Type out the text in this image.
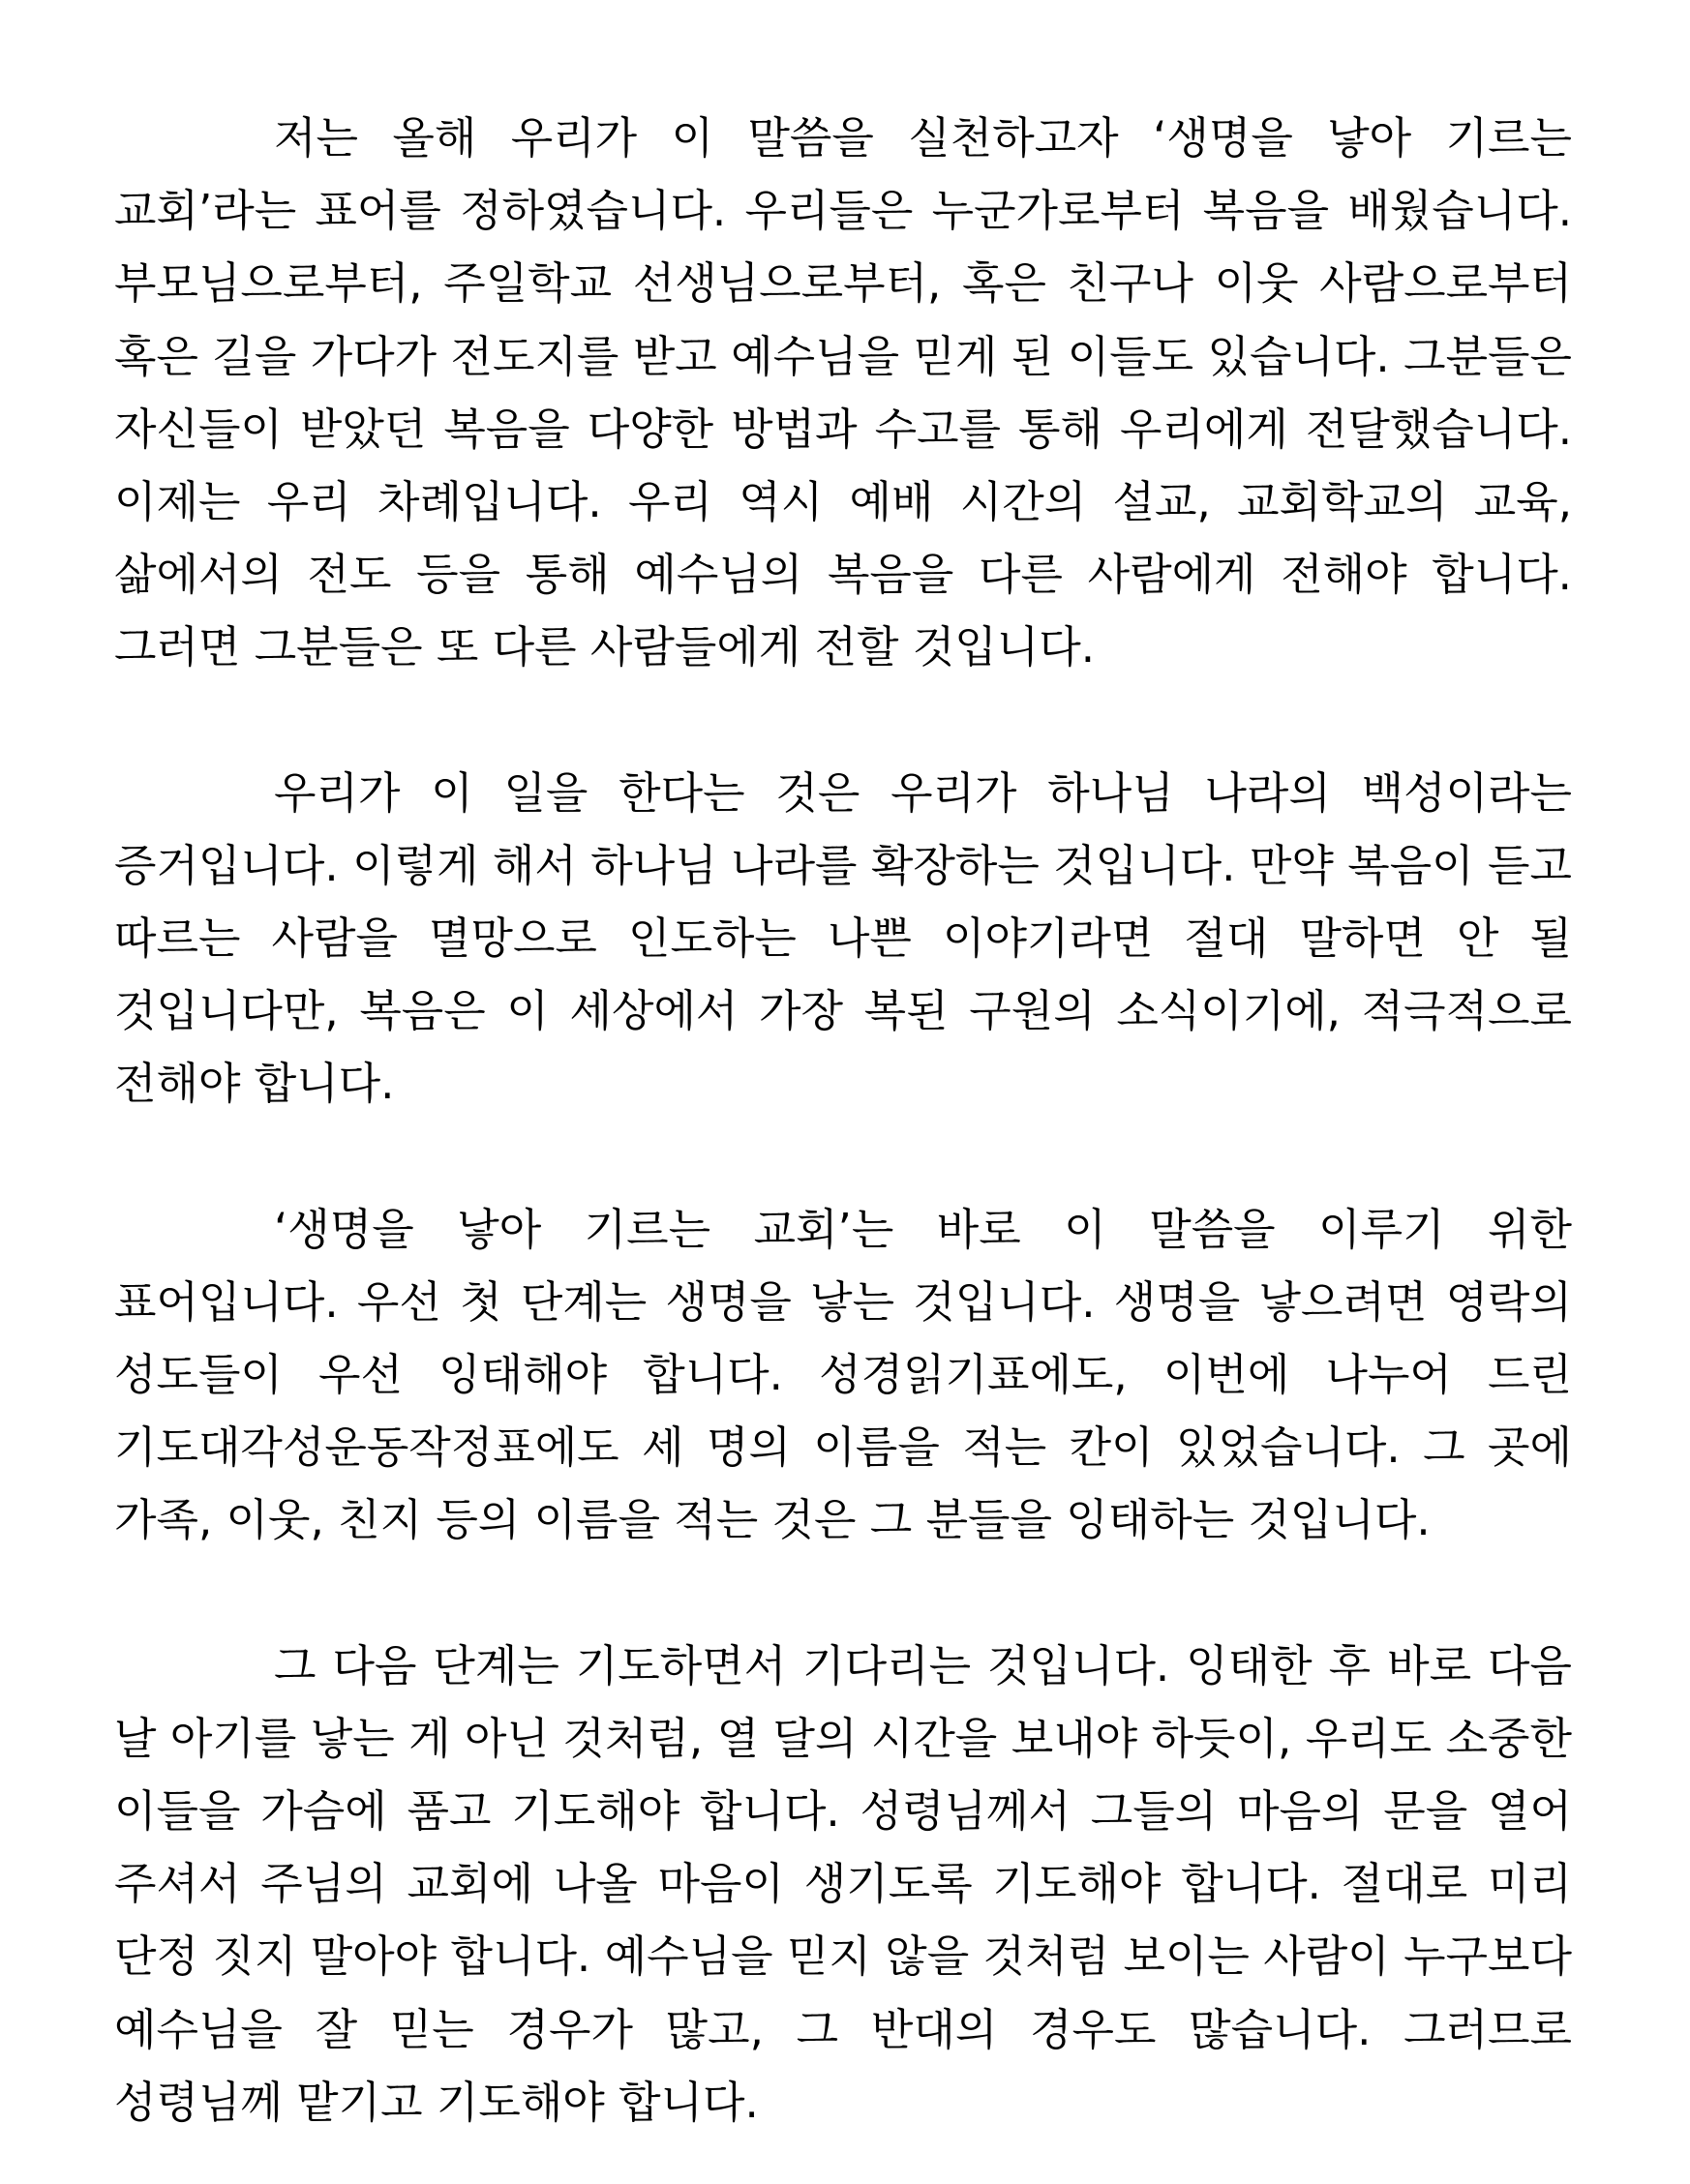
저는 올해 우리가 이 말씀을 실천하고자 ‘생명을 낳아 기르는 교회’라는 표어를 정하였습니다. 우리들은 누군가로부터 복음을 배웠습니다. 부모님으로부터, 주일학교 선생님으로부터, 혹은 친구나 이웃 사람으로부터 혹은 길을 가다가 전도지를 받고 예수님을 믿게 된 이들도 있습니다. 그분들은 자신들이 받았던 복음을 다양한 방법과 수고를 통해 우리에게 전달했습니다. 이제는 우리 차례입니다. 우리 역시 예배 시간의 설교, 교회학교의 교육, 삶에서의 전도 등을 통해 예수님의 복음을 다른 사람에게 전해야 합니다. 그러면 그분들은 또 다른 사람들에게 전할 것입니다.

우리가 이 일을 한다는 것은 우리가 하나님 나라의 백성이라는 증거입니다. 이렇게 해서 하나님 나라를 확장하는 것입니다. 만약 복음이 듣고 따르는 사람을 멸망으로 인도하는 나쁜 이야기라면 절대 말하면 안 될 것입니다만, 복음은 이 세상에서 가장 복된 구원의 소식이기에, 적극적으로 전해야 합니다.

‘생명을 낳아 기르는 교회’는 바로 이 말씀을 이루기 위한 표어입니다. 우선 첫 단계는 생명을 낳는 것입니다. 생명을 낳으려면 영락의 성도들이 우선 잉태해야 합니다. 성경읽기표에도, 이번에 나누어 드린 기도대각성운동작정표에도 세 명의 이름을 적는 칸이 있었습니다. 그 곳에 가족, 이웃, 친지 등의 이름을 적는 것은 그 분들을 잉태하는 것입니다.

그 다음 단계는 기도하면서 기다리는 것입니다. 잉태한 후 바로 다음 날 아기를 낳는 게 아닌 것처럼, 열 달의 시간을 보내야 하듯이, 우리도 소중한 이들을 가슴에 품고 기도해야 합니다. 성령님께서 그들의 마음의 문을 열어 주셔서 주님의 교회에 나올 마음이 생기도록 기도해야 합니다. 절대로 미리 단정 짓지 말아야 합니다. 예수님을 믿지 않을 것처럼 보이는 사람이 누구보다 예수님을 잘 믿는 경우가 많고, 그 반대의 경우도 많습니다. 그러므로 성령님께 맡기고 기도해야 합니다.
